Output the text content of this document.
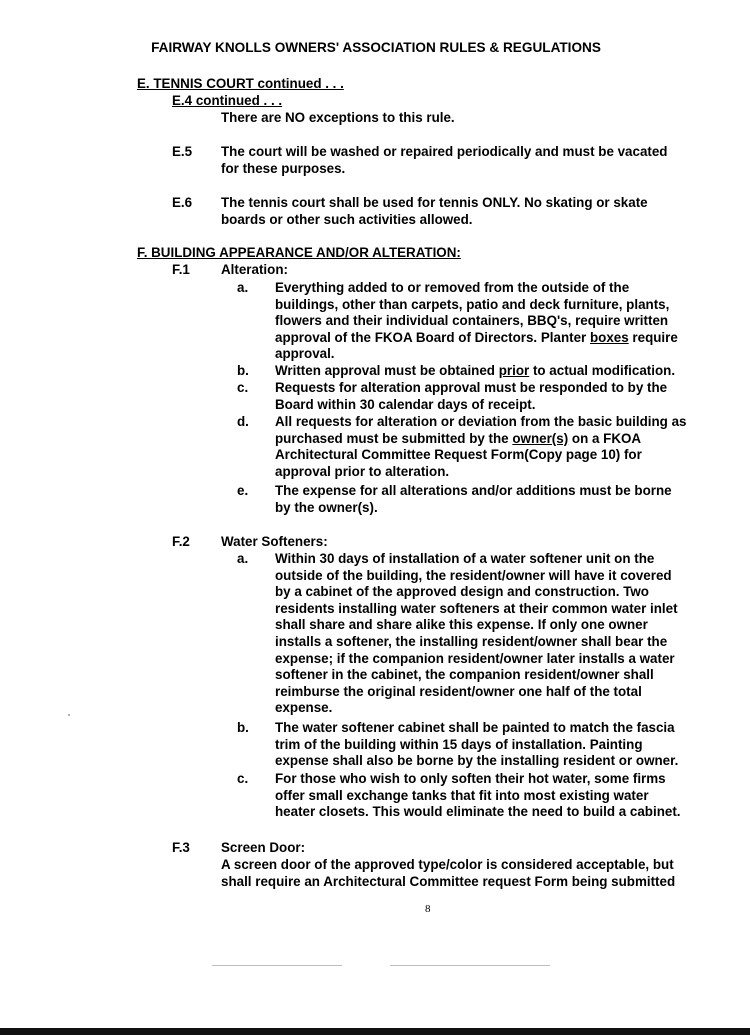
FAIRWAY KNOLLS OWNERS' ASSOCIATION RULES & REGULATIONS
E. TENNIS COURT continued . . .
E.4 continued . . .
There are NO exceptions to this rule.
E.5 The court will be washed or repaired periodically and must be vacated
for these purposes.
E.6 The tennis court shall be used for tennis ONLY. No skating or skate
boards or other such activities allowed.
F. BUILDING APPEARANCE AND/OR ALTERATION:
F.1 Alteration:
a. Everything added to or removed from the outside of the
buildings, other than carpets, patio and deck furniture, plants,
flowers and their individual containers, BBQ's, require written
approval of the FKOA Board of Directors. Planter boxes require
approval.
b. Written approval must be obtained prior to actual modification.
c. Requests for alteration approval must be responded to by the
Board within 30 calendar days of receipt.
d. All requests for alteration or deviation from the basic building as
purchased must be submitted by the owner(s) on a FKOA
Architectural Committee Request Form(Copy page 10) for
approval prior to alteration.
e. The expense for all alterations and/or additions must be borne
by the owner(s).
F.2 Water Softeners:
a. Within 30 days of installation of a water softener unit on the
outside of the building, the resident/owner will have it covered
by a cabinet of the approved design and construction. Two
residents installing water softeners at their common water inlet
shall share and share alike this expense. If only one owner
installs a softener, the installing resident/owner shall bear the
expense; if the companion resident/owner later installs a water
softener in the cabinet, the companion resident/owner shall
reimburse the original resident/owner one half of the total
expense.
b. The water softener cabinet shall be painted to match the fascia
trim of the building within 15 days of installation. Painting
expense shall also be borne by the installing resident or owner.
c. For those who wish to only soften their hot water, some firms
offer small exchange tanks that fit into most existing water
heater closets. This would eliminate the need to build a cabinet.
F.3 Screen Door:
A screen door of the approved type/color is considered acceptable, but
shall require an Architectural Committee request Form being submitted
8
